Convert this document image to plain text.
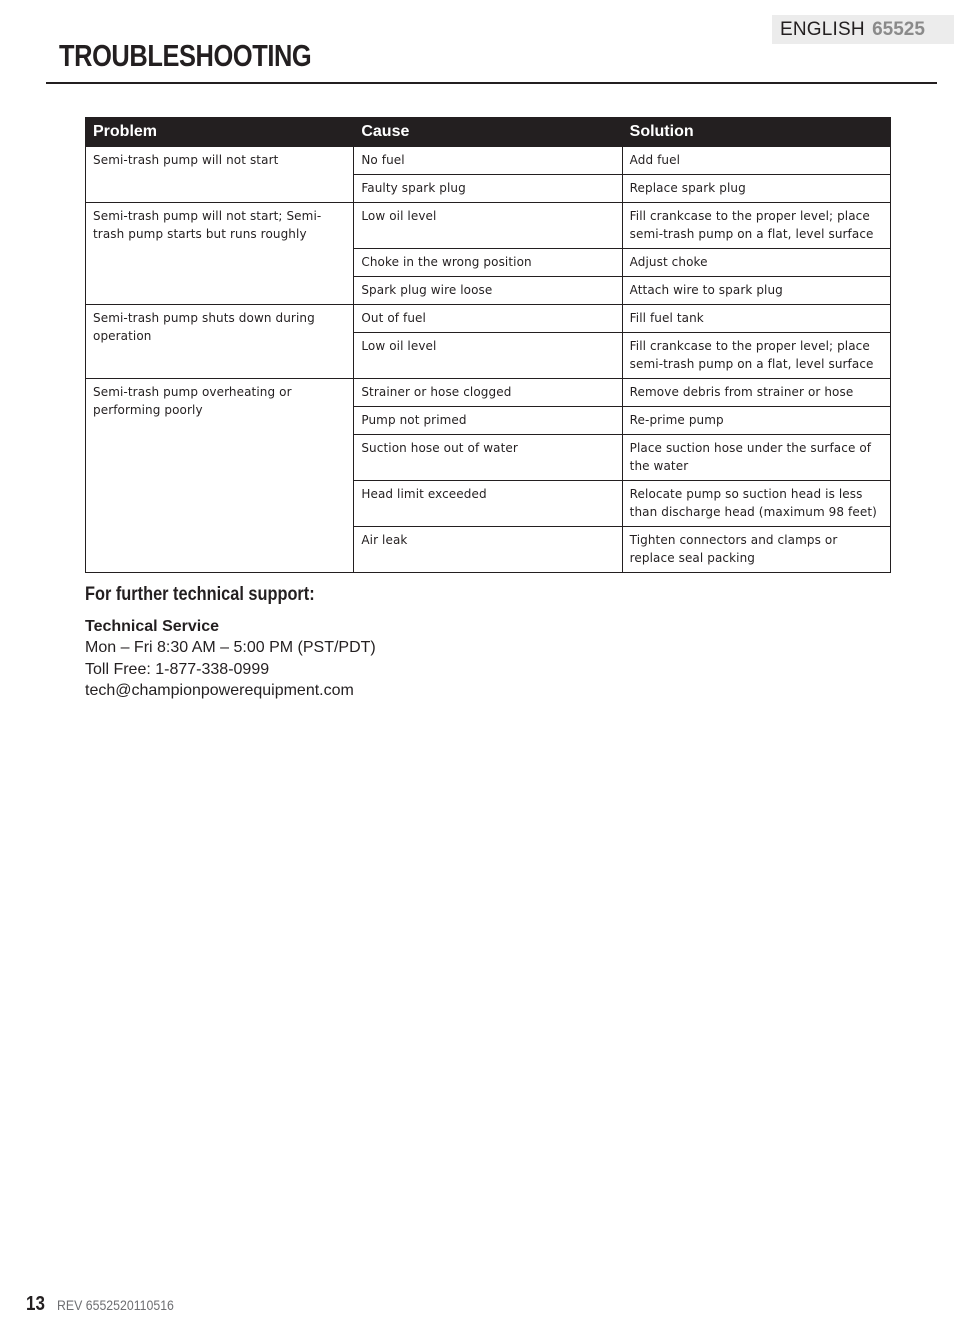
ENGLISH 65525
TROUBLESHOOTING
Problem	Cause	Solution
Semi-trash pump will not start	No fuel	Add fuel
	Faulty spark plug	Replace spark plug
Semi-trash pump will not start; Semi-trash pump starts but runs roughly	Low oil level	Fill crankcase to the proper level; place semi-trash pump on a flat, level surface
	Choke in the wrong position	Adjust choke
	Spark plug wire loose	Attach wire to spark plug
Semi-trash pump shuts down during operation	Out of fuel	Fill fuel tank
	Low oil level	Fill crankcase to the proper level; place semi-trash pump on a flat, level surface
Semi-trash pump overheating or performing poorly	Strainer or hose clogged	Remove debris from strainer or hose
	Pump not primed	Re-prime pump
	Suction hose out of water	Place suction hose under the surface of the water
	Head limit exceeded	Relocate pump so suction head is less than discharge head (maximum 98 feet)
	Air leak	Tighten connectors and clamps or replace seal packing
For further technical support:
Technical Service
Mon – Fri 8:30 AM – 5:00 PM (PST/PDT)
Toll Free: 1-877-338-0999
tech@championpowerequipment.com
13 REV 6552520110516
